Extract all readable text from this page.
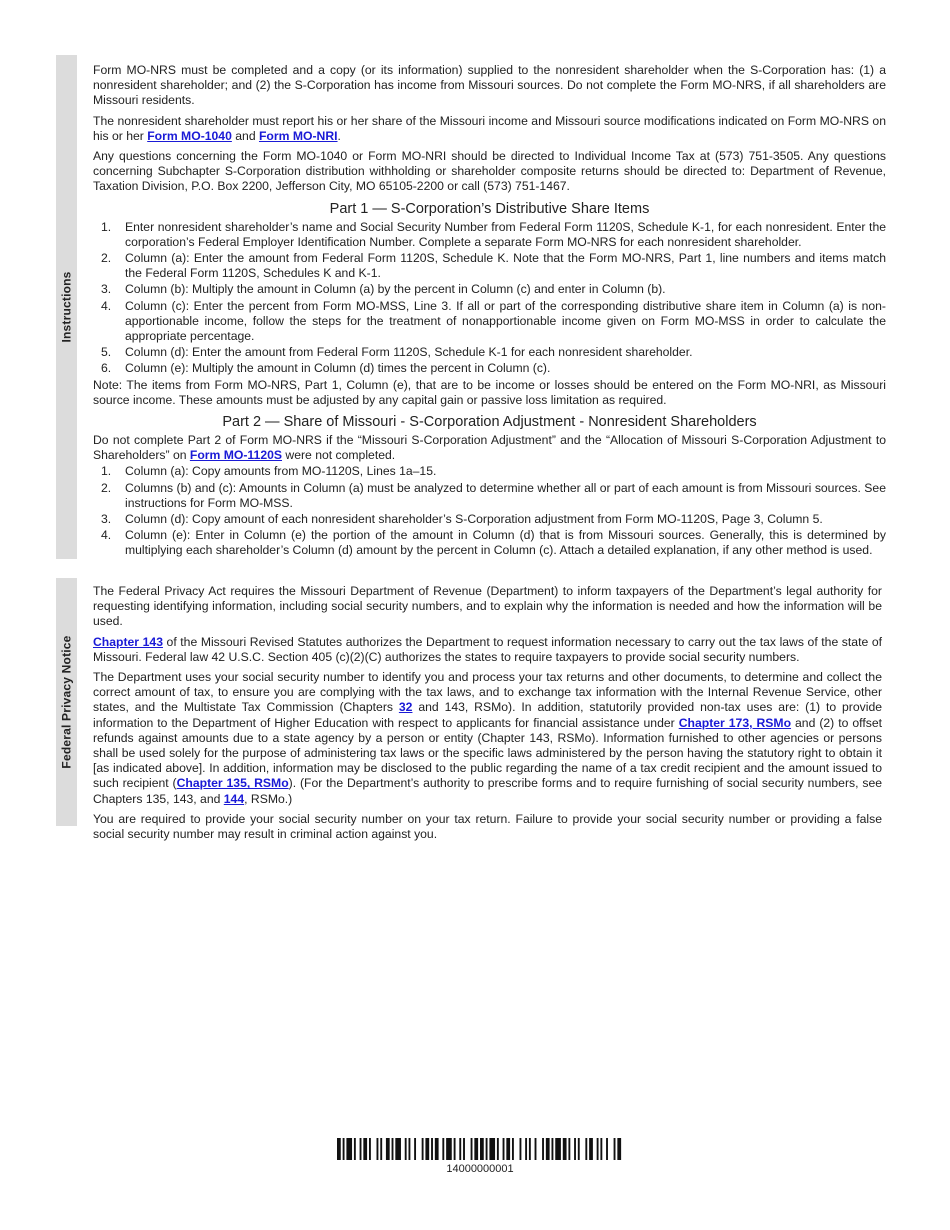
Instructions
Federal Privacy Notice

Form MO-NRS must be completed and a copy (or its information) supplied to the nonresident shareholder when the S-Corporation has: (1) a nonresident shareholder; and (2) the S-Corporation has income from Missouri sources. Do not complete the Form MO-NRS, if all shareholders are Missouri residents.

The nonresident shareholder must report his or her share of the Missouri income and Missouri source modifications indicated on Form MO-NRS on his or her Form MO-1040 and Form MO-NRI.

Any questions concerning the Form MO-1040 or Form MO-NRI should be directed to Individual Income Tax at (573) 751-3505. Any questions concerning Subchapter S-Corporation distribution withholding or shareholder composite returns should be directed to: Department of Revenue, Taxation Division, P.O. Box 2200, Jefferson City, MO 65105-2200 or call (573) 751-1467.

Part 1 — S-Corporation’s Distributive Share Items
1. Enter nonresident shareholder’s name and Social Security Number from Federal Form 1120S, Schedule K-1, for each nonresident. Enter the corporation’s Federal Employer Identification Number. Complete a separate Form MO-NRS for each nonresident shareholder.
2. Column (a): Enter the amount from Federal Form 1120S, Schedule K. Note that the Form MO-NRS, Part 1, line numbers and items match the Federal Form 1120S, Schedules K and K-1.
3. Column (b): Multiply the amount in Column (a) by the percent in Column (c) and enter in Column (b).
4. Column (c): Enter the percent from Form MO-MSS, Line 3. If all or part of the corresponding distributive share item in Column (a) is non-apportionable income, follow the steps for the treatment of nonapportionable income given on Form MO-MSS in order to calculate the appropriate percentage.
5. Column (d): Enter the amount from Federal Form 1120S, Schedule K-1 for each nonresident shareholder.
6. Column (e): Multiply the amount in Column (d) times the percent in Column (c).

Note: The items from Form MO-NRS, Part 1, Column (e), that are to be income or losses should be entered on the Form MO-NRI, as Missouri source income. These amounts must be adjusted by any capital gain or passive loss limitation as required.

Part 2 — Share of Missouri - S-Corporation Adjustment - Nonresident Shareholders

Do not complete Part 2 of Form MO-NRS if the “Missouri S-Corporation Adjustment” and the “Allocation of Missouri S-Corporation Adjustment to Shareholders” on Form MO-1120S were not completed.

1. Column (a): Copy amounts from MO-1120S, Lines 1a–15.
2. Columns (b) and (c): Amounts in Column (a) must be analyzed to determine whether all or part of each amount is from Missouri sources. See instructions for Form MO-MSS.
3. Column (d): Copy amount of each nonresident shareholder’s S-Corporation adjustment from Form MO-1120S, Page 3, Column 5.
4. Column (e): Enter in Column (e) the portion of the amount in Column (d) that is from Missouri sources. Generally, this is determined by multiplying each shareholder’s Column (d) amount by the percent in Column (c). Attach a detailed explanation, if any other method is used.

The Federal Privacy Act requires the Missouri Department of Revenue (Department) to inform taxpayers of the Department’s legal authority for requesting identifying information, including social security numbers, and to explain why the information is needed and how the information will be used.

Chapter 143 of the Missouri Revised Statutes authorizes the Department to request information necessary to carry out the tax laws of the state of Missouri. Federal law 42 U.S.C. Section 405 (c)(2)(C) authorizes the states to require taxpayers to provide social security numbers.

The Department uses your social security number to identify you and process your tax returns and other documents, to determine and collect the correct amount of tax, to ensure you are complying with the tax laws, and to exchange tax information with the Internal Revenue Service, other states, and the Multistate Tax Commission (Chapters 32 and 143, RSMo). In addition, statutorily provided non-tax uses are: (1) to provide information to the Department of Higher Education with respect to applicants for financial assistance under Chapter 173, RSMo and (2) to offset refunds against amounts due to a state agency by a person or entity (Chapter 143, RSMo). Information furnished to other agencies or persons shall be used solely for the purpose of administering tax laws or the specific laws administered by the person having the statutory right to obtain it [as indicated above]. In addition, information may be disclosed to the public regarding the name of a tax credit recipient and the amount issued to such recipient (Chapter 135, RSMo). (For the Department’s authority to prescribe forms and to require furnishing of social security numbers, see Chapters 135, 143, and 144, RSMo.)

You are required to provide your social security number on your tax return. Failure to provide your social security number or providing a false social security number may result in criminal action against you.

14000000001
